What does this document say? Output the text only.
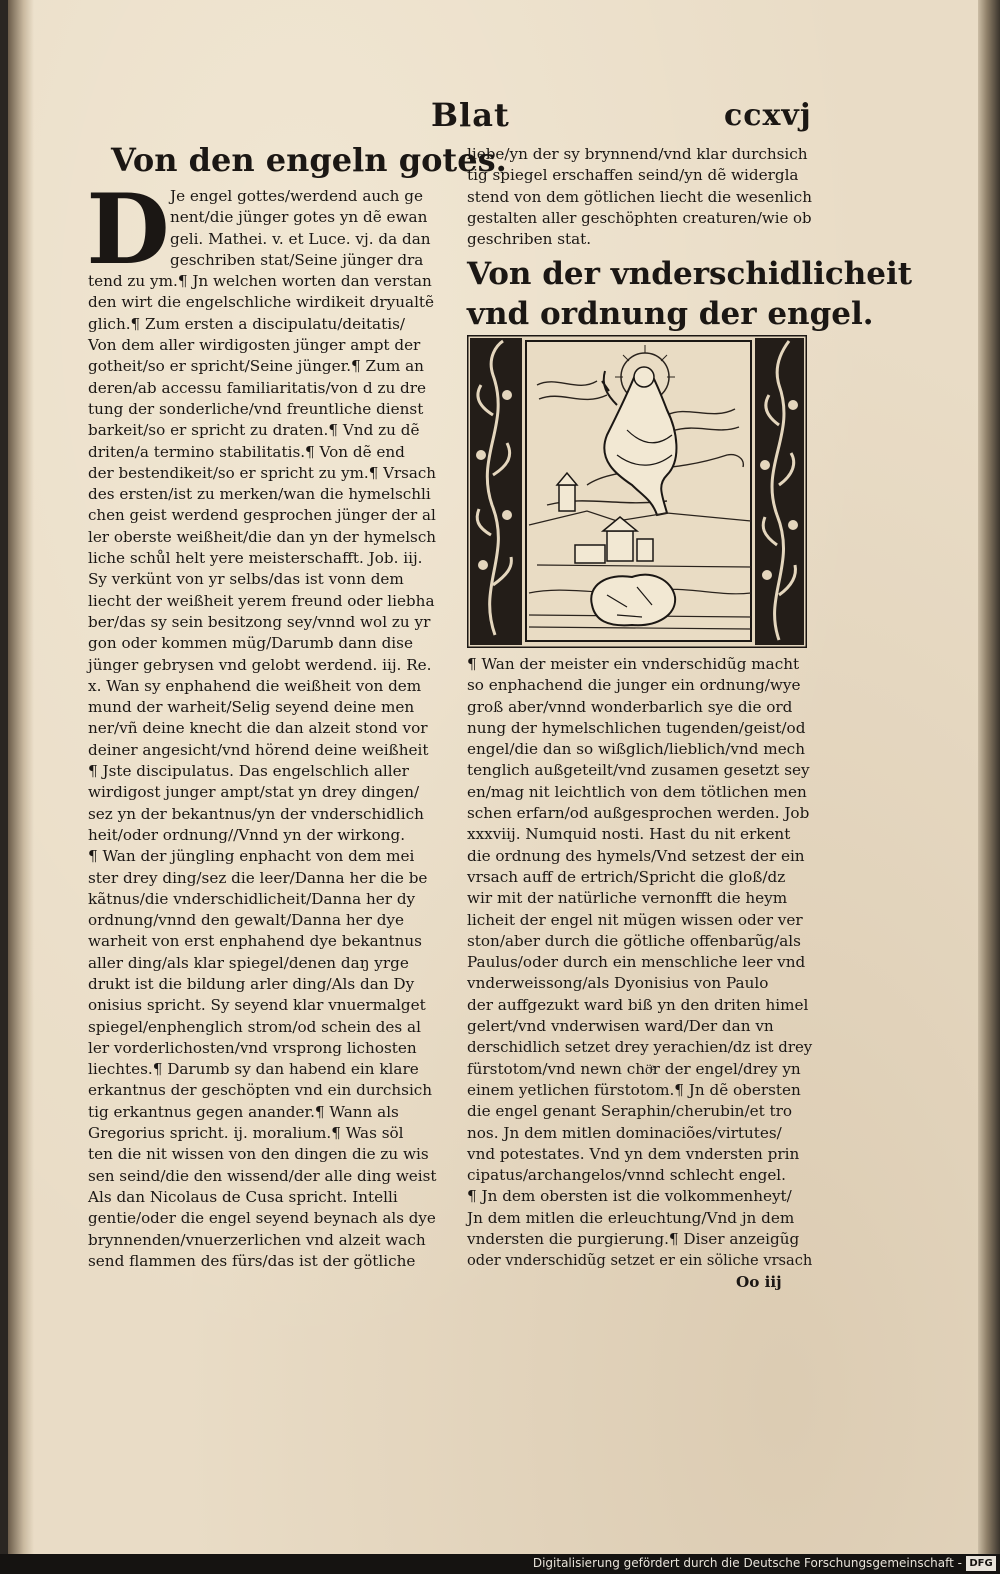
Blat	ccxvj
Von den engeln gotes.
D Je engel gottes/werdend auch ge
nent/die jünger gotes yn dẽ ewan
geli. Mathei. v. et Luce. vj. da dan
geschriben stat/Seine jünger dra
tend zu ym.¶ Jn welchen worten dan verstan
den wirt die engelschliche wirdikeit dryualtẽ
glich.¶ Zum ersten a discipulatu/deitatis/
Von dem aller wirdigosten jünger ampt der
gotheit/so er spricht/Seine jünger.¶ Zum an
deren/ab accessu familiaritatis/von d zu dre
tung der sonderliche/vnd freuntliche dienst
barkeit/so er spricht zu draten.¶ Vnd zu dẽ
driten/a termino stabilitatis.¶ Von dẽ end
der bestendikeit/so er spricht zu ym.¶ Vrsach
des ersten/ist zu merken/wan die hymelschli
chen geist werdend gesprochen jünger der al
ler oberste weißheit/die dan yn der hymelsch
liche schůl helt yere meisterschafft. Job. iij.
Sy verkünt von yr selbs/das ist vonn dem
liecht der weißheit yerem freund oder liebha
ber/das sy sein besitzong sey/vnnd wol zu yr
gon oder kommen müg/Darumb dann dise
jünger gebrysen vnd gelobt werdend. iij. Re.
x. Wan sy enphahend die weißheit von dem
mund der warheit/Selig seyend deine men
ner/vñ deine knecht die dan alzeit stond vor
deiner angesicht/vnd hörend deine weißheit
¶ Jste discipulatus. Das engelschlich aller
wirdigost junger ampt/stat yn drey dingen/
sez yn der bekantnus/yn der vnderschidlich
heit/oder ordnung//Vnnd yn der wirkong.
¶ Wan der jüngling enphacht von dem mei
ster drey ding/sez die leer/Danna her die be
kãtnus/die vnderschidlicheit/Danna her dy
ordnung/vnnd den gewalt/Danna her dye
warheit von erst enphahend dye bekantnus
aller ding/als klar spiegel/denen daŋ yrge
drukt ist die bildung arler ding/Als dan Dy
onisius spricht. Sy seyend klar vnuermalget
spiegel/enphenglich strom/od schein des al
ler vorderlichosten/vnd vrsprong lichosten
liechtes.¶ Darumb sy dan habend ein klare
erkantnus der geschöpten vnd ein durchsich
tig erkantnus gegen anander.¶ Wann als
Gregorius spricht. ij. moralium.¶ Was söl
ten die nit wissen von den dingen die zu wis
sen seind/die den wissend/der alle ding weist
Als dan Nicolaus de Cusa spricht. Intelli
gentie/oder die engel seyend beynach als dye
brynnenden/vnuerzerlichen vnd alzeit wach
send flammen des fürs/das ist der götliche
liebe/yn der sy brynnend/vnd klar durchsich
tig spiegel erschaffen seind/yn dẽ widergla
stend von dem götlichen liecht die wesenlich
gestalten aller geschöphten creaturen/wie ob
geschriben stat.
Von der vnderschidlicheit
vnd ordnung der engel.
¶ Wan der meister ein vnderschidũg macht
so enphachend die junger ein ordnung/wye
groß aber/vnnd wonderbarlich sye die ord
nung der hymelschlichen tugenden/geist/od
engel/die dan so wißglich/lieblich/vnd mech
tenglich außgeteilt/vnd zusamen gesetzt sey
en/mag nit leichtlich von dem tötlichen men
schen erfarn/od außgesprochen werden. Job
xxxviij. Numquid nosti. Hast du nit erkent
die ordnung des hymels/Vnd setzest der ein
vrsach auff de ertrich/Spricht die gloß/dz
wir mit der natürliche vernonfft die heym
licheit der engel nit mügen wissen oder ver
ston/aber durch die götliche offenbarũg/als
Paulus/oder durch ein menschliche leer vnd
vnderweissong/als Dyonisius von Paulo
der auffgezukt ward biß yn den driten himel
gelert/vnd vnderwisen ward/Der dan vn
derschidlich setzet drey yerachien/dz ist drey
fürstotom/vnd newn chöͤr der engel/drey yn
einem yetlichen fürstotom.¶ Jn dẽ obersten
die engel genant Seraphin/cherubin/et tro
nos. Jn dem mitlen dominaciões/virtutes/
vnd potestates. Vnd yn dem vndersten prin
cipatus/archangelos/vnnd schlecht engel.
¶ Jn dem obersten ist die volkommenheyt/
Jn dem mitlen die erleuchtung/Vnd jn dem
vndersten die purgierung.¶ Diser anzeigũg
oder vnderschidũg setzet er ein söliche vrsach
Oo iij
Digitalisierung gefördert durch die Deutsche Forschungsgemeinschaft - DFG
